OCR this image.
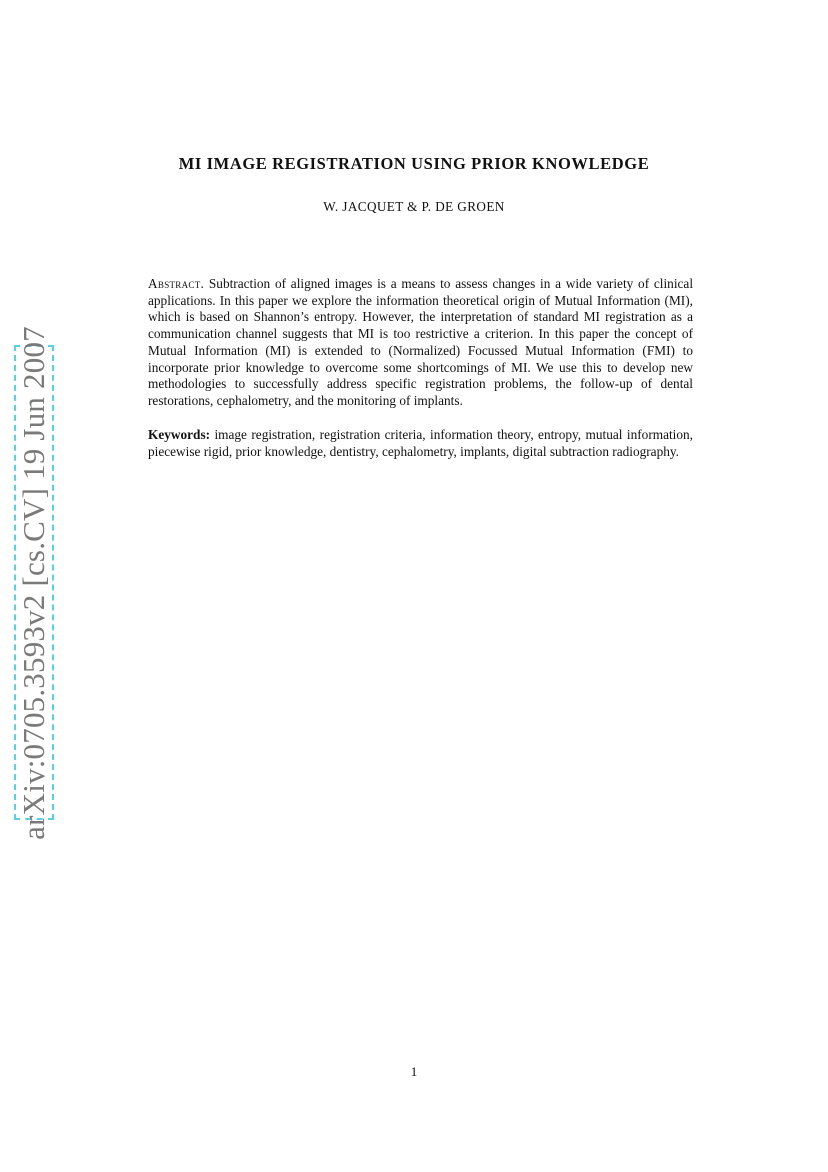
arXiv:0705.3593v2 [cs.CV] 19 Jun 2007
MI IMAGE REGISTRATION USING PRIOR KNOWLEDGE
W. JACQUET & P. DE GROEN
Abstract. Subtraction of aligned images is a means to assess changes in a wide variety of clinical applications. In this paper we explore the information theoretical origin of Mutual Information (MI), which is based on Shannon’s entropy. However, the interpretation of standard MI registration as a communication channel suggests that MI is too restrictive a criterion. In this paper the concept of Mutual Information (MI) is extended to (Normalized) Focussed Mutual Information (FMI) to incorporate prior knowledge to overcome some shortcomings of MI. We use this to develop new methodologies to successfully address specific registration problems, the follow-up of dental restorations, cephalometry, and the monitoring of implants.
Keywords: image registration, registration criteria, information theory, entropy, mutual information, piecewise rigid, prior knowledge, dentistry, cephalometry, implants, digital subtraction radiography.
1
